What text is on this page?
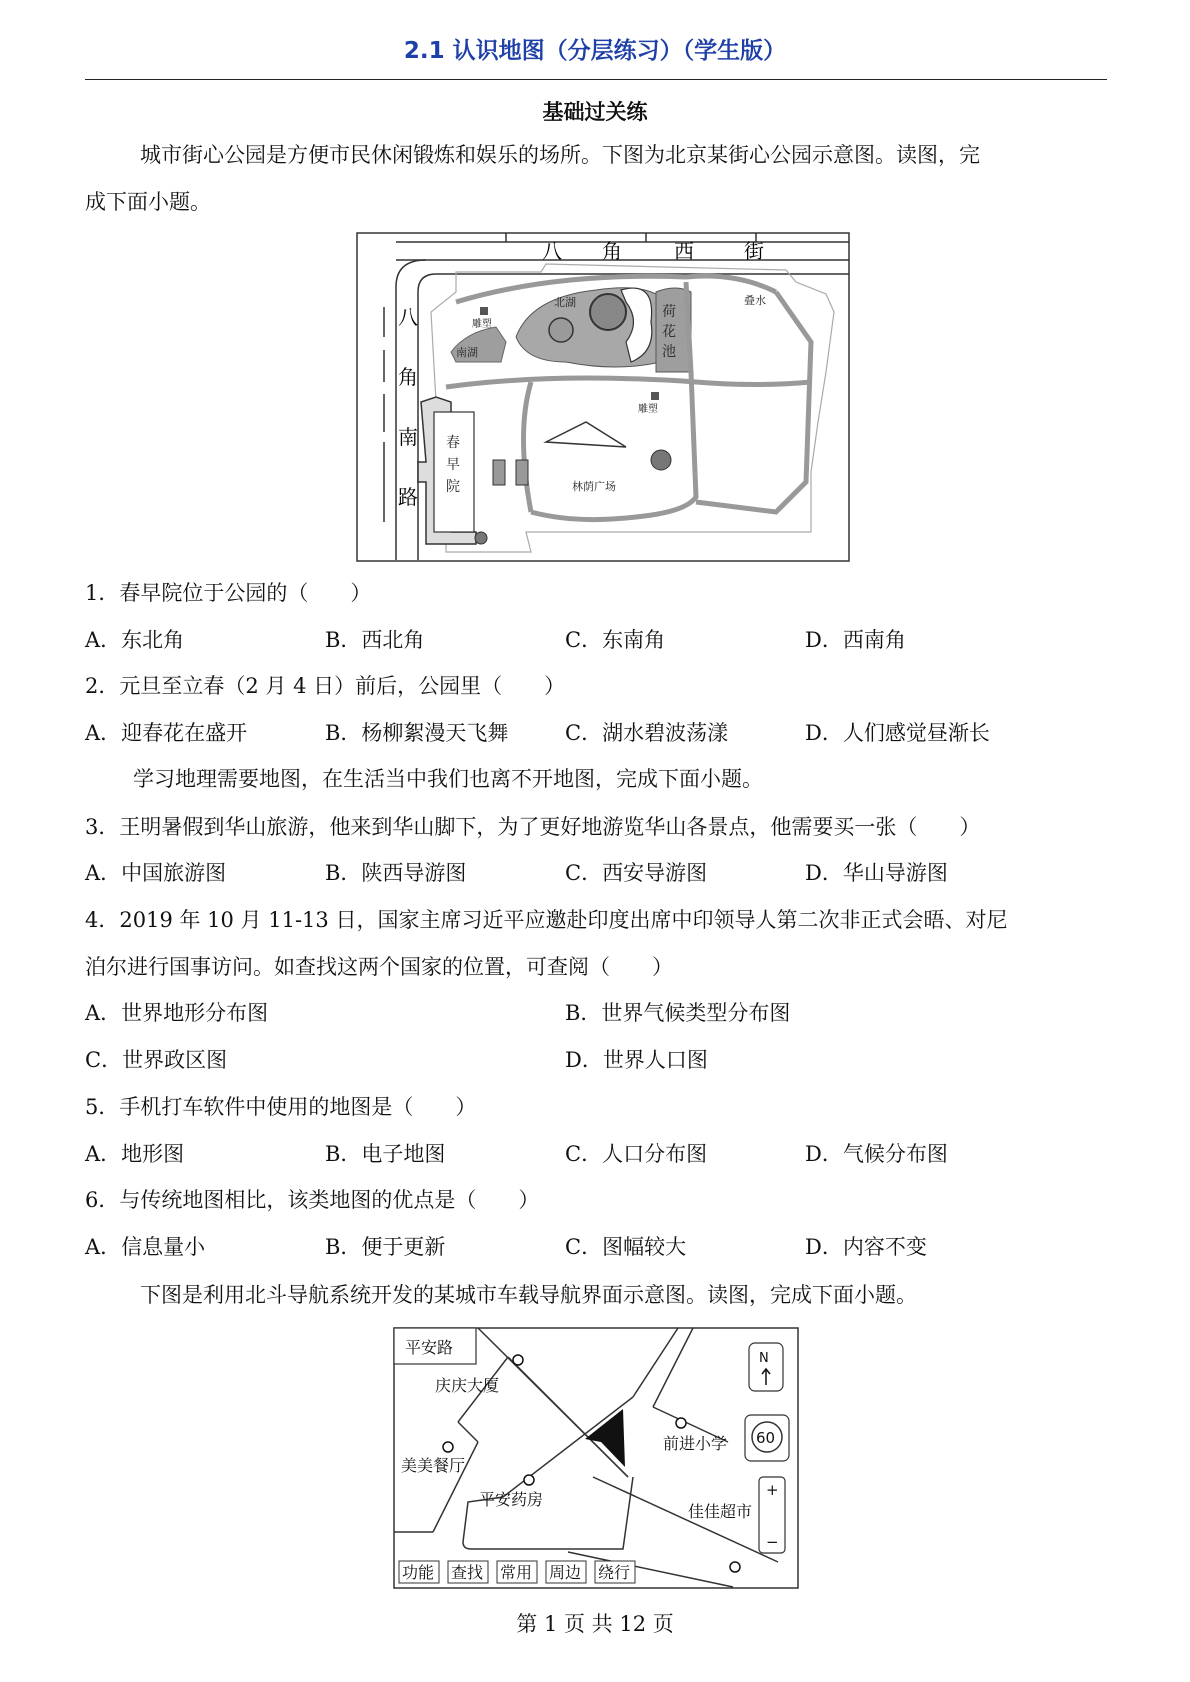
2.1 认识地图（分层练习）（学生版）
基础过关练
城市街心公园是方便市民休闲锻炼和娱乐的场所。下图为北京某街心公园示意图。读图，完
成下面小题。
八 角	西	街
八
角
南
路
南湖
北湖
荷
花
池
叠水
雕塑
雕塑
林荫广场
春
早
院
1．春早院位于公园的（　　）
A．东北角	B．西北角	C．东南角	D．西南角
2．元旦至立春（2 月 4 日）前后，公园里（　　）
A．迎春花在盛开	B．杨柳絮漫天飞舞	C．湖水碧波荡漾	D．人们感觉昼渐长
学习地理需要地图，在生活当中我们也离不开地图，完成下面小题。
3．王明暑假到华山旅游，他来到华山脚下，为了更好地游览华山各景点，他需要买一张（　　）
A．中国旅游图	B．陕西导游图	C．西安导游图	D．华山导游图
4．2019 年 10 月 11-13 日，国家主席习近平应邀赴印度出席中印领导人第二次非正式会晤、对尼
泊尔进行国事访问。如查找这两个国家的位置，可查阅（　　）
A．世界地形分布图	B．世界气候类型分布图
C．世界政区图	D．世界人口图
5．手机打车软件中使用的地图是（　　）
A．地形图	B．电子地图	C．人口分布图	D．气候分布图
6．与传统地图相比，该类地图的优点是（　　）
A．信息量小	B．便于更新	C．图幅较大	D．内容不变
下图是利用北斗导航系统开发的某城市车载导航界面示意图。读图，完成下面小题。
平安路
庆庆大厦
美美餐厅
平安药房
前进小学
佳佳超市
N
60
+
−
功能 查找 常用 周边 绕行
第 1 页 共 12 页
